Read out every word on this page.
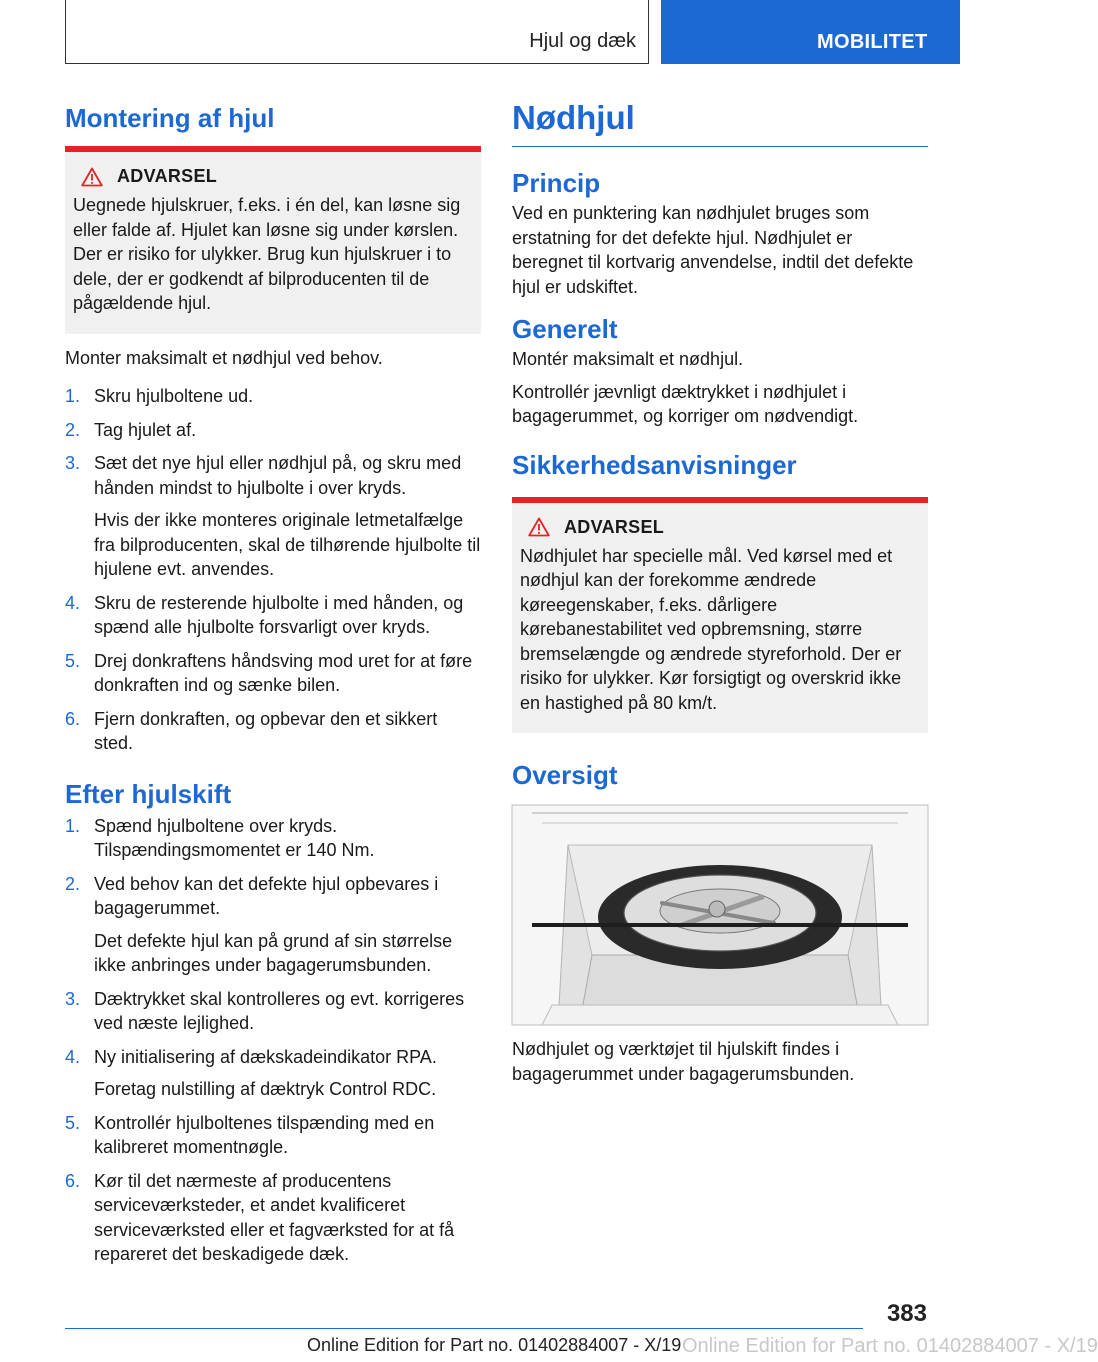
Hjul og dæk	MOBILITET
Montering af hjul
ADVARSEL
Uegnede hjulskruer, f.eks. i én del, kan løsne sig eller falde af. Hjulet kan løsne sig under kørslen. Der er risiko for ulykker. Brug kun hjulskruer i to dele, der er godkendt af bilproducenten til de pågældende hjul.

Monter maksimalt et nødhjul ved behov.

1. Skru hjulboltene ud.
2. Tag hjulet af.
3. Sæt det nye hjul eller nødhjul på, og skru med hånden mindst to hjulbolte i over kryds.
Hvis der ikke monteres originale letmetalfælge fra bilproducenten, skal de tilhørende hjulbolte til hjulene evt. anvendes.
4. Skru de resterende hjulbolte i med hånden, og spænd alle hjulbolte forsvarligt over kryds.
5. Drej donkraftens håndsving mod uret for at føre donkraften ind og sænke bilen.
6. Fjern donkraften, og opbevar den et sikkert sted.
Efter hjulskift
1. Spænd hjulboltene over kryds. Tilspændingsmomentet er 140 Nm.
2. Ved behov kan det defekte hjul opbevares i bagagerummet.
Det defekte hjul kan på grund af sin størrelse ikke anbringes under bagagerumsbunden.
3. Dæktrykket skal kontrolleres og evt. korrigeres ved næste lejlighed.
4. Ny initialisering af dækskadeindikator RPA.
Foretag nulstilling af dæktryk Control RDC.
5. Kontrollér hjulboltenes tilspænding med en kalibreret momentnøgle.
6. Kør til det nærmeste af producentens serviceværksteder, et andet kvalificeret serviceværksted eller et fagværksted for at få repareret det beskadigede dæk.
Nødhjul
Princip

Ved en punktering kan nødhjulet bruges som erstatning for det defekte hjul. Nødhjulet er beregnet til kortvarig anvendelse, indtil det defekte hjul er udskiftet.

Generelt

Montér maksimalt et nødhjul.

Kontrollér jævnligt dæktrykket i nødhjulet i bagagerummet, og korriger om nødvendigt.

Sikkerhedsanvisninger
ADVARSEL
Nødhjulet har specielle mål. Ved kørsel med et nødhjul kan der forekomme ændrede køreegenskaber, f.eks. dårligere kørebanestabilitet ved opbremsning, større bremselængde og ændrede styreforhold. Der er risiko for ulykker. Kør forsigtigt og overskrid ikke en hastighed på 80 km/t.
Oversigt

Nødhjulet og værktøjet til hjulskift findes i bagagerummet under bagagerumsbunden.

383
Online Edition for Part no. 01402884007 - X/19 Online Edition for Part no. 01402884007 - X/19
